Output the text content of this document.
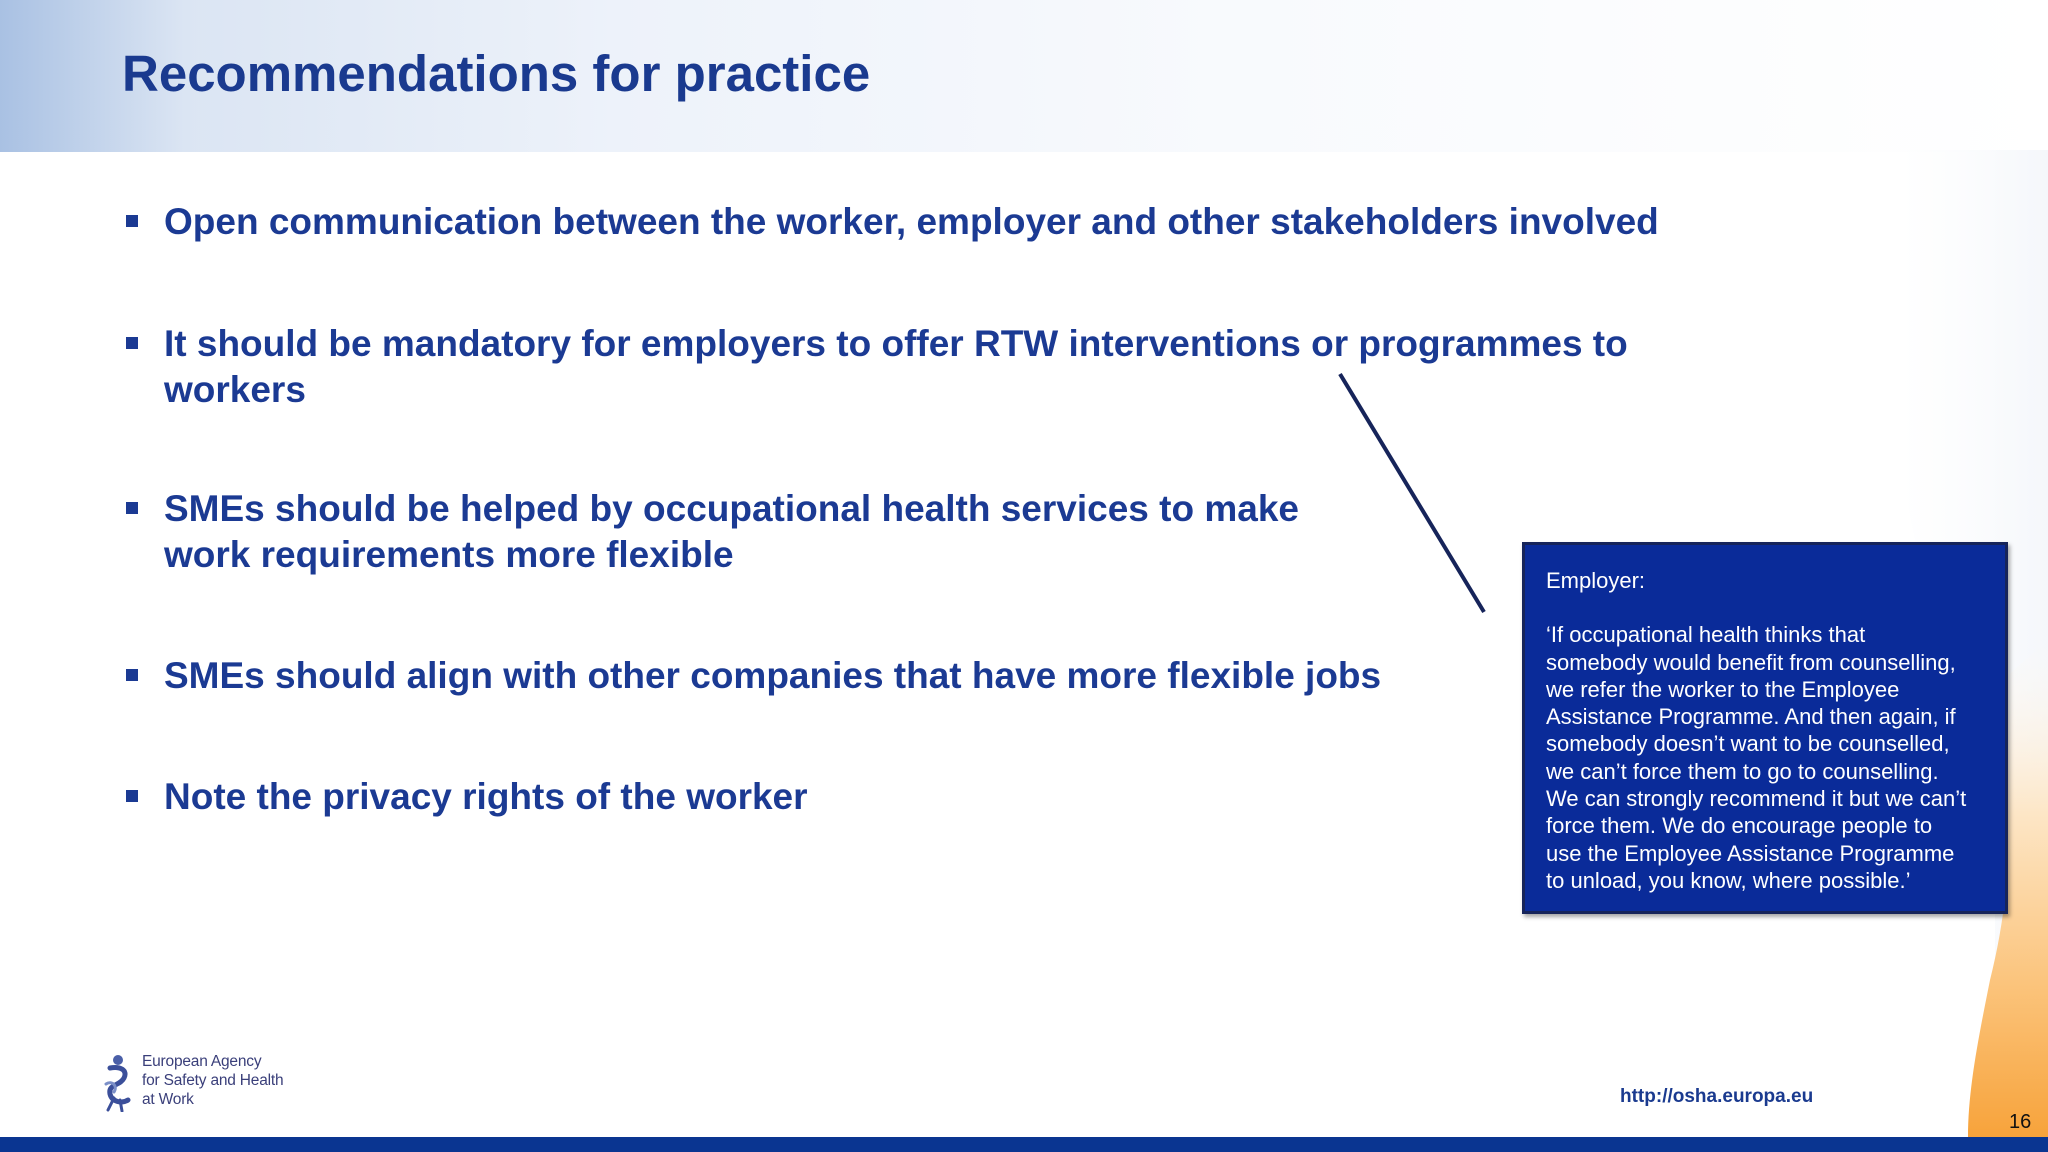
Recommendations for practice
Open communication between the worker, employer and other stakeholders involved
It should be mandatory for employers to offer RTW interventions or programmes to
workers
SMEs should be helped by occupational health services to make
work requirements more flexible
SMEs should align with other companies that have more flexible jobs
Note the privacy rights of the worker
Employer:
‘If occupational health thinks that
somebody would benefit from counselling,
we refer the worker to the Employee
Assistance Programme. And then again, if
somebody doesn’t want to be counselled,
we can’t force them to go to counselling.
We can strongly recommend it but we can’t
force them. We do encourage people to
use the Employee Assistance Programme
to unload, you know, where possible.’
European Agency
for Safety and Health
at Work	http://osha.europa.eu
16
